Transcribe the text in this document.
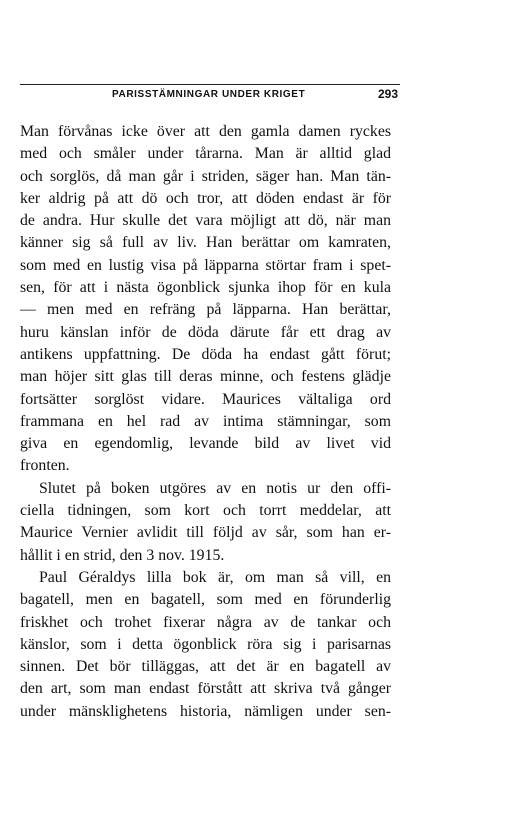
PARISSTÄMNINGAR UNDER KRIGET	293
Man förvånas icke över att den gamla damen ryckes
med och småler under tårarna. Man är alltid glad
och sorglös, då man går i striden, säger han. Man tän-
ker aldrig på att dö och tror, att döden endast är för
de andra. Hur skulle det vara möjligt att dö, när man
känner sig så full av liv. Han berättar om kamraten,
som med en lustig visa på läpparna störtar fram i spet-
sen, för att i nästa ögonblick sjunka ihop för en kula
— men med en refräng på läpparna. Han berättar,
huru känslan inför de döda därute får ett drag av
antikens uppfattning. De döda ha endast gått förut;
man höjer sitt glas till deras minne, och festens glädje
fortsätter sorglöst vidare. Maurices vältaliga ord
frammana en hel rad av intima stämningar, som
giva en egendomlig, levande bild av livet vid
fronten.
Slutet på boken utgöres av en notis ur den offi-
ciella tidningen, som kort och torrt meddelar, att
Maurice Vernier avlidit till följd av sår, som han er-
hållit i en strid, den 3 nov. 1915.
Paul Géraldys lilla bok är, om man så vill, en
bagatell, men en bagatell, som med en förunderlig
friskhet och trohet fixerar några av de tankar och
känslor, som i detta ögonblick röra sig i parisarnas
sinnen. Det bör tilläggas, att det är en bagatell av
den art, som man endast förstått att skriva två gånger
under mänsklighetens historia, nämligen under sen-
